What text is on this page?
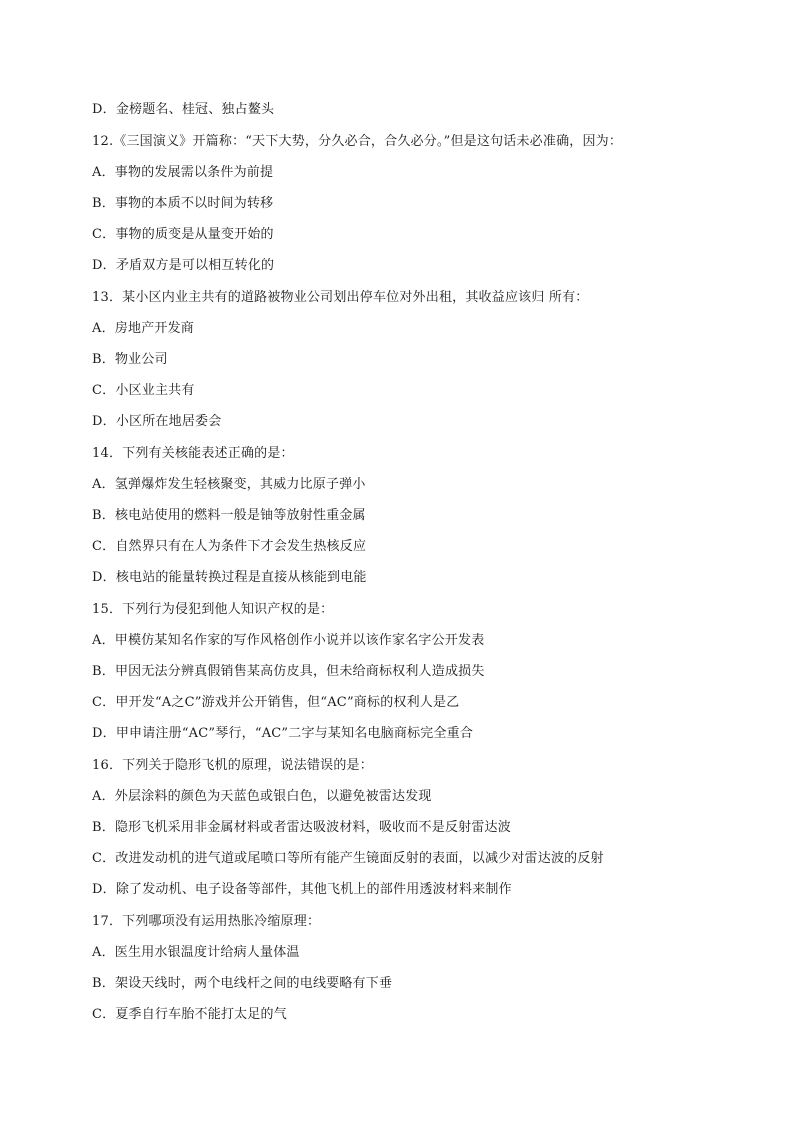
D．金榜题名、桂冠、独占鳌头
12.《三国演义》开篇称：“天下大势，分久必合，合久必分。”但是这句话未必准确，因为：
A．事物的发展需以条件为前提
B．事物的本质不以时间为转移
C．事物的质变是从量变开始的
D．矛盾双方是可以相互转化的
13．某小区内业主共有的道路被物业公司划出停车位对外出租，其收益应该归 所有：
A．房地产开发商
B．物业公司
C．小区业主共有
D．小区所在地居委会
14．下列有关核能表述正确的是：
A．氢弹爆炸发生轻核聚变，其威力比原子弹小
B．核电站使用的燃料一般是铀等放射性重金属
C．自然界只有在人为条件下才会发生热核反应
D．核电站的能量转换过程是直接从核能到电能
15．下列行为侵犯到他人知识产权的是：
A．甲模仿某知名作家的写作风格创作小说并以该作家名字公开发表
B．甲因无法分辨真假销售某高仿皮具，但未给商标权利人造成损失
C．甲开发“A之C”游戏并公开销售，但“AC”商标的权利人是乙
D．甲申请注册“AC”琴行，“AC”二字与某知名电脑商标完全重合
16．下列关于隐形飞机的原理，说法错误的是：
A．外层涂料的颜色为天蓝色或银白色，以避免被雷达发现
B．隐形飞机采用非金属材料或者雷达吸波材料，吸收而不是反射雷达波
C．改进发动机的进气道或尾喷口等所有能产生镜面反射的表面，以减少对雷达波的反射
D．除了发动机、电子设备等部件，其他飞机上的部件用透波材料来制作
17．下列哪项没有运用热胀冷缩原理：
A．医生用水银温度计给病人量体温
B．架设天线时，两个电线杆之间的电线要略有下垂
C．夏季自行车胎不能打太足的气
